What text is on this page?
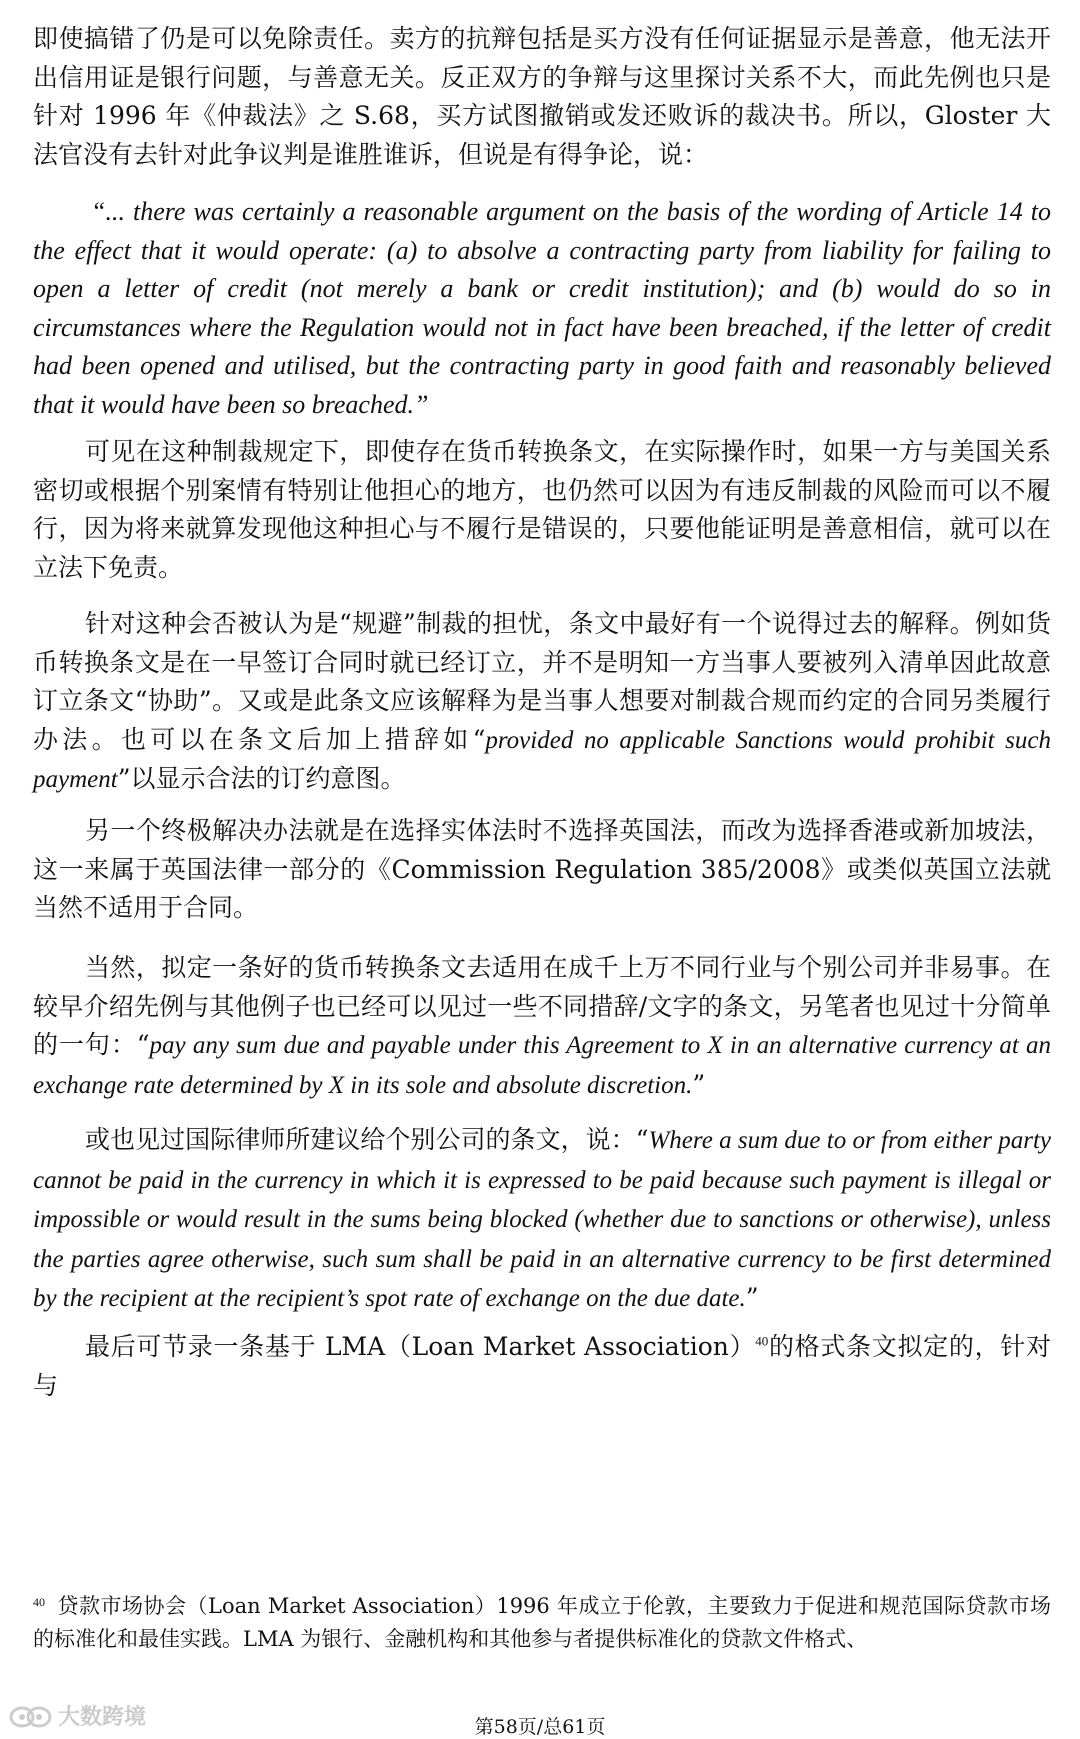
即使搞错了仍是可以免除责任。卖方的抗辩包括是买方没有任何证据显示是善意，他无法开出信用证是银行问题，与善意无关。反正双方的争辩与这里探讨关系不大，而此先例也只是针对 1996 年《仲裁法》之 S.68，买方试图撤销或发还败诉的裁决书。所以，Gloster 大法官没有去针对此争议判是谁胜谁诉，但说是有得争论，说：

“... there was certainly a reasonable argument on the basis of the wording of Article 14 to the effect that it would operate: (a) to absolve a contracting party from liability for failing to open a letter of credit (not merely a bank or credit institution); and (b) would do so in circumstances where the Regulation would not in fact have been breached, if the letter of credit had been opened and utilised, but the contracting party in good faith and reasonably believed that it would have been so breached.”

可见在这种制裁规定下，即使存在货币转换条文，在实际操作时，如果一方与美国关系密切或根据个别案情有特别让他担心的地方，也仍然可以因为有违反制裁的风险而可以不履行，因为将来就算发现他这种担心与不履行是错误的，只要他能证明是善意相信，就可以在立法下免责。

针对这种会否被认为是“规避”制裁的担忧，条文中最好有一个说得过去的解释。例如货币转换条文是在一早签订合同时就已经订立，并不是明知一方当事人要被列入清单因此故意订立条文“协助”。又或是此条文应该解释为是当事人想要对制裁合规而约定的合同另类履行办法。也可以在条文后加上措辞如“provided no applicable Sanctions would prohibit such payment”以显示合法的订约意图。

另一个终极解决办法就是在选择实体法时不选择英国法，而改为选择香港或新加坡法，这一来属于英国法律一部分的《Commission Regulation 385/2008》或类似英国立法就当然不适用于合同。

当然，拟定一条好的货币转换条文去适用在成千上万不同行业与个别公司并非易事。在较早介绍先例与其他例子也已经可以见过一些不同措辞/文字的条文，另笔者也见过十分简单的一句：“pay any sum due and payable under this Agreement to X in an alternative currency at an exchange rate determined by X in its sole and absolute discretion.”

或也见过国际律师所建议给个别公司的条文，说：“Where a sum due to or from either party cannot be paid in the currency in which it is expressed to be paid because such payment is illegal or impossible or would result in the sums being blocked (whether due to sanctions or otherwise), unless the parties agree otherwise, such sum shall be paid in an alternative currency to be first determined by the recipient at the recipient’s spot rate of exchange on the due date.”

最后可节录一条基于 LMA（Loan Market Association）$^{40}$的格式条文拟定的，针对与

$^{40}$ 贷款市场协会（Loan Market Association）1996 年成立于伦敦，主要致力于促进和规范国际贷款市场的标准化和最佳实践。LMA 为银行、金融机构和其他参与者提供标准化的贷款文件格式、

大数跨境	第58页/总61页
